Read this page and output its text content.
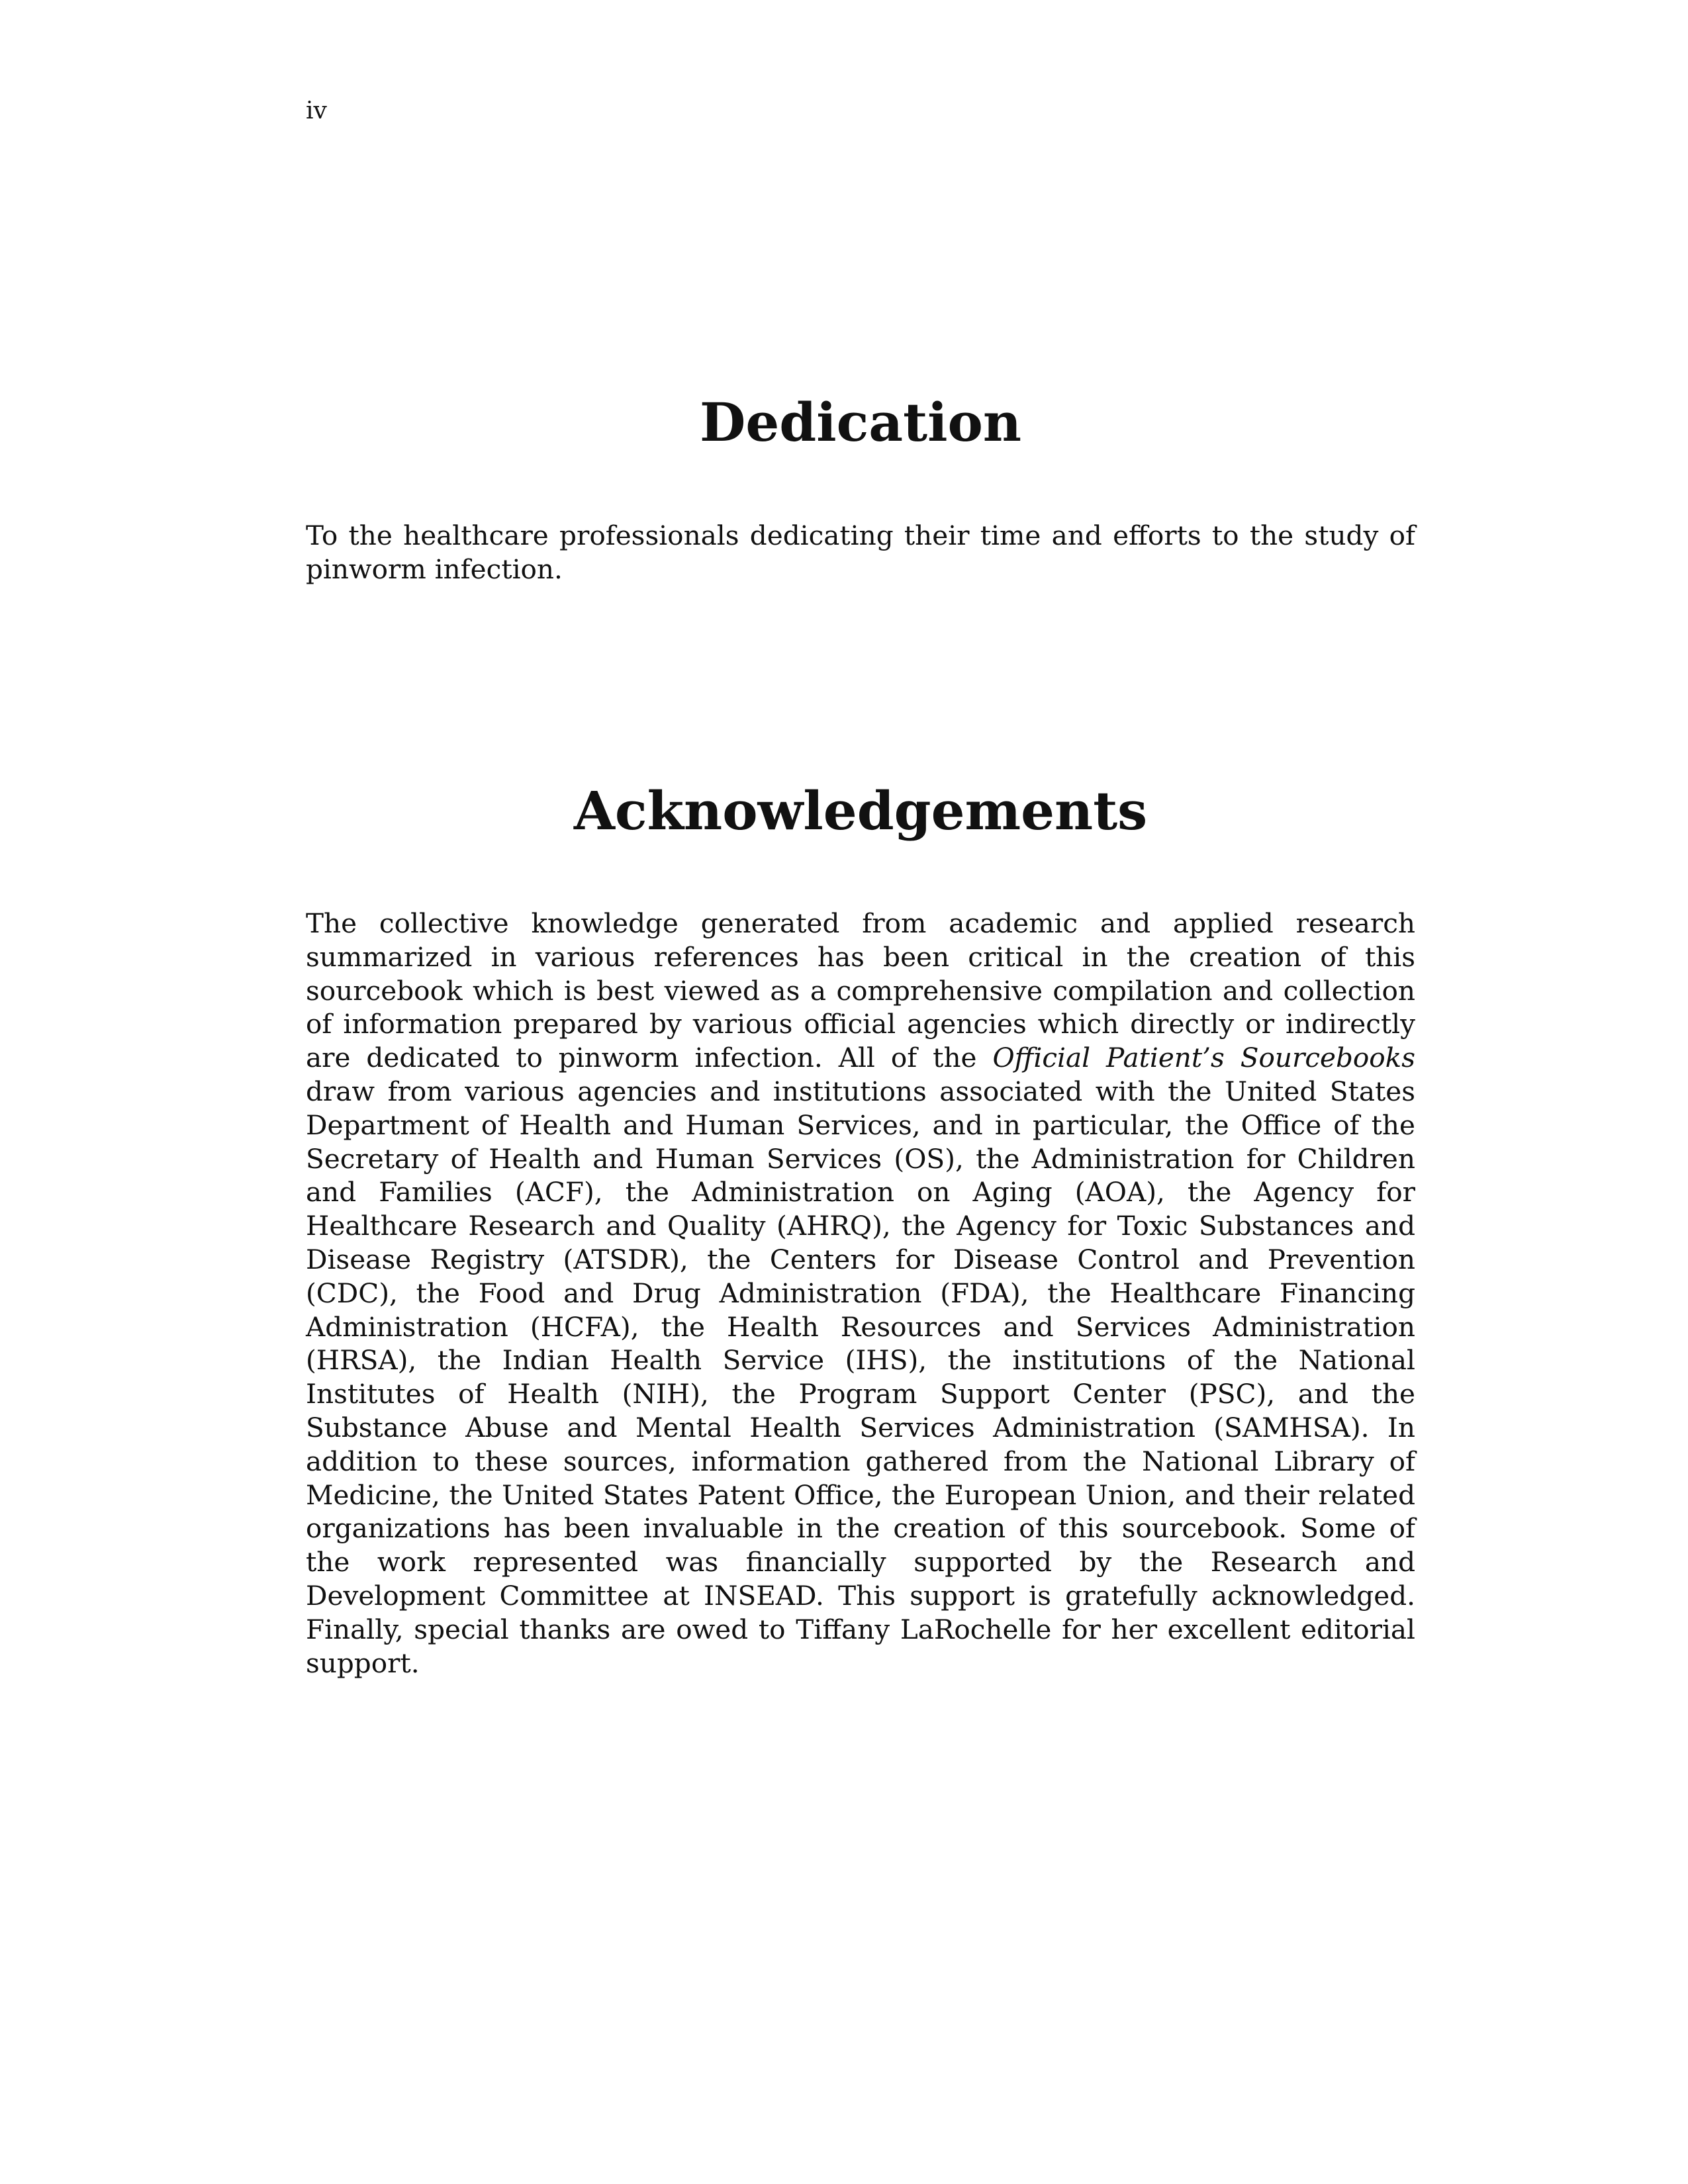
iv
Dedication

To the healthcare professionals dedicating their time and efforts to the study of pinworm infection.

Acknowledgements

The collective knowledge generated from academic and applied research summarized in various references has been critical in the creation of this sourcebook which is best viewed as a comprehensive compilation and collection of information prepared by various official agencies which directly or indirectly are dedicated to pinworm infection. All of the Official Patient’s Sourcebooks draw from various agencies and institutions associated with the United States Department of Health and Human Services, and in particular, the Office of the Secretary of Health and Human Services (OS), the Administration for Children and Families (ACF), the Administration on Aging (AOA), the Agency for Healthcare Research and Quality (AHRQ), the Agency for Toxic Substances and Disease Registry (ATSDR), the Centers for Disease Control and Prevention (CDC), the Food and Drug Administration (FDA), the Healthcare Financing Administration (HCFA), the Health Resources and Services Administration (HRSA), the Indian Health Service (IHS), the institutions of the National Institutes of Health (NIH), the Program Support Center (PSC), and the Substance Abuse and Mental Health Services Administration (SAMHSA). In addition to these sources, information gathered from the National Library of Medicine, the United States Patent Office, the European Union, and their related organizations has been invaluable in the creation of this sourcebook. Some of the work represented was financially supported by the Research and Development Committee at INSEAD. This support is gratefully acknowledged. Finally, special thanks are owed to Tiffany LaRochelle for her excellent editorial support.
